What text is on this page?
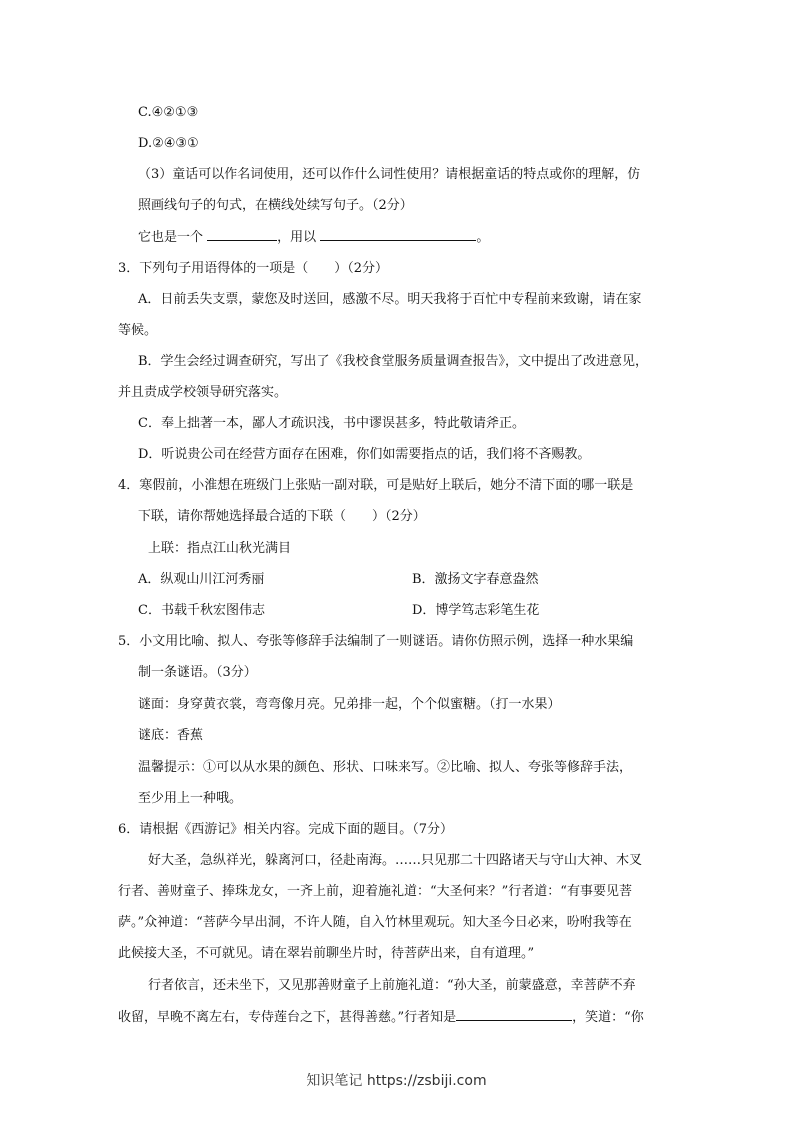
C.④②①③
D.②④③①
（3）童话可以作名词使用，还可以作什么词性使用？请根据童话的特点或你的理解，仿
照画线句子的句式，在横线处续写句子。（2分）
它也是一个	，用以	。
3．下列句子用语得体的一项是（　　）（2分）
A．日前丢失支票，蒙您及时送回，感激不尽。明天我将于百忙中专程前来致谢，请在家
等候。
B．学生会经过调查研究，写出了《我校食堂服务质量调查报告》，文中提出了改进意见，
并且责成学校领导研究落实。
C．奉上拙著一本，鄙人才疏识浅，书中谬误甚多，特此敬请斧正。
D．听说贵公司在经营方面存在困难，你们如需要指点的话，我们将不吝赐教。
4．寒假前，小淮想在班级门上张贴一副对联，可是贴好上联后，她分不清下面的哪一联是
下联，请你帮她选择最合适的下联（　　）（2分）
上联：指点江山秋光满目
A．纵观山川江河秀丽	B．激扬文字春意盎然
C．书载千秋宏图伟志	D．博学笃志彩笔生花
5．小文用比喻、拟人、夸张等修辞手法编制了一则谜语。请你仿照示例，选择一种水果编
制一条谜语。（3分）
谜面：身穿黄衣裳，弯弯像月亮。兄弟排一起，个个似蜜糖。（打一水果）
谜底：香蕉
温馨提示：①可以从水果的颜色、形状、口味来写。②比喻、拟人、夸张等修辞手法，
至少用上一种哦。
6．请根据《西游记》相关内容。完成下面的题目。（7分）
好大圣，急纵祥光，躲离河口，径赴南海。……只见那二十四路诸天与守山大神、木叉
行者、善财童子、捧珠龙女，一齐上前，迎着施礼道：“大圣何来？”行者道：“有事要见菩
萨。”众神道：“菩萨今早出洞，不许人随，自入竹林里观玩。知大圣今日必来，吩咐我等在
此候接大圣，不可就见。请在翠岩前聊坐片时，待菩萨出来，自有道理。”
行者依言，还未坐下，又见那善财童子上前施礼道：“孙大圣，前蒙盛意，幸菩萨不弃
收留，早晚不离左右，专侍莲台之下，甚得善慈。”行者知是	，笑道：“你
知识笔记 https://zsbiji.com
